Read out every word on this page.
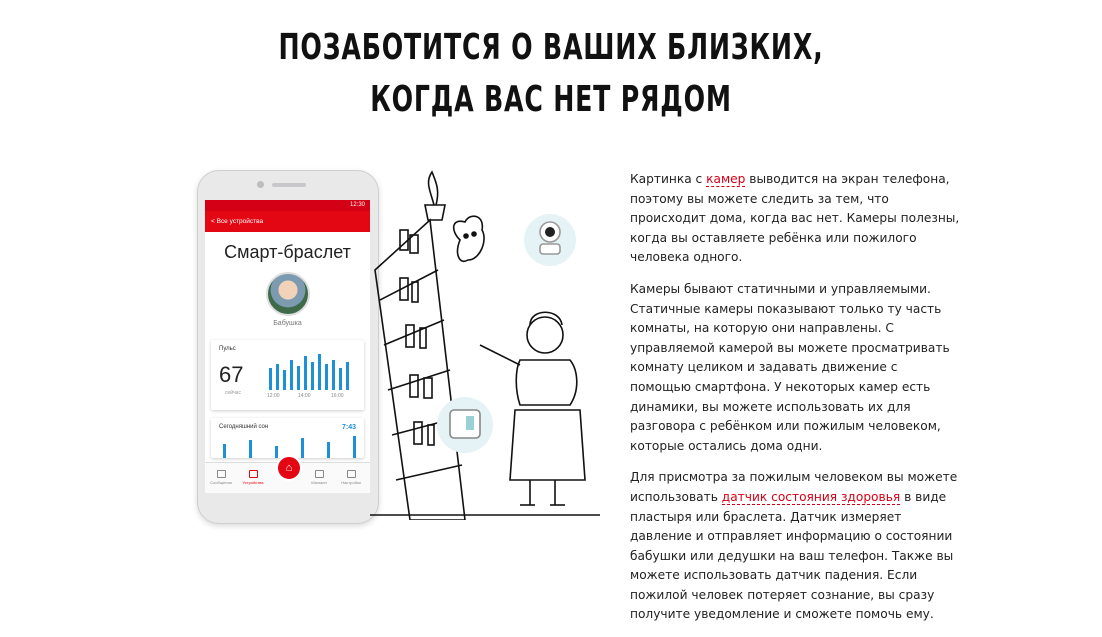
ПОЗАБОТИТСЯ О ВАШИХ БЛИЗКИХ,
КОГДА ВАС НЕТ РЯДОМ
12:30
< Все устройства
Смарт-браслет
Бабушка
Пульс
67
сейчас	12:00	14:00	16:00
Сегодняшний сон	7:43
Сообщения	Устройства
⌂
Магазин	Настройки

Картинка с камер выводится на экран телефона, поэтому вы можете следить за тем, что происходит дома, когда вас нет. Камеры полезны, когда вы оставляете ребёнка или пожилого человека одного.

Камеры бывают статичными и управляемыми. Статичные камеры показывают только ту часть комнаты, на которую они направлены. С управляемой камерой вы можете просматривать комнату целиком и задавать движение с помощью смартфона. У некоторых камер есть динамики, вы можете использовать их для разговора с ребёнком или пожилым человеком, которые остались дома одни.

Для присмотра за пожилым человеком вы можете использовать датчик состояния здоровья в виде пластыря или браслета. Датчик измеряет давление и отправляет информацию о состоянии бабушки или дедушки на ваш телефон. Также вы можете использовать датчик падения. Если пожилой человек потеряет сознание, вы сразу получите уведомление и сможете помочь ему.
